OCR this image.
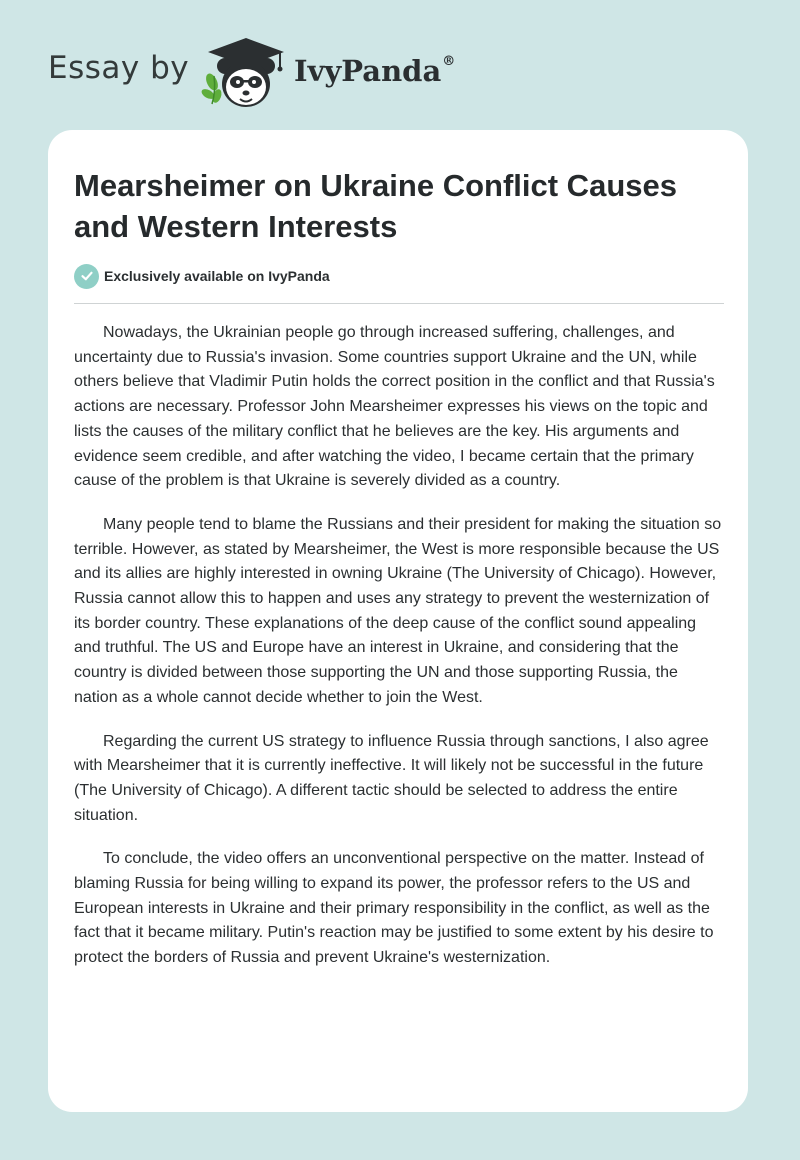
Essay by	IvyPanda®
Mearsheimer on Ukraine Conflict Causes and Western Interests
Exclusively available on IvyPanda

Nowadays, the Ukrainian people go through increased suffering, challenges, and uncertainty due to Russia's invasion. Some countries support Ukraine and the UN, while others believe that Vladimir Putin holds the correct position in the conflict and that Russia's actions are necessary. Professor John Mearsheimer expresses his views on the topic and lists the causes of the military conflict that he believes are the key. His arguments and evidence seem credible, and after watching the video, I became certain that the primary cause of the problem is that Ukraine is severely divided as a country.

Many people tend to blame the Russians and their president for making the situation so terrible. However, as stated by Mearsheimer, the West is more responsible because the US and its allies are highly interested in owning Ukraine (The University of Chicago). However, Russia cannot allow this to happen and uses any strategy to prevent the westernization of its border country. These explanations of the deep cause of the conflict sound appealing and truthful. The US and Europe have an interest in Ukraine, and considering that the country is divided between those supporting the UN and those supporting Russia, the nation as a whole cannot decide whether to join the West.

Regarding the current US strategy to influence Russia through sanctions, I also agree with Mearsheimer that it is currently ineffective. It will likely not be successful in the future (The University of Chicago). A different tactic should be selected to address the entire situation.

To conclude, the video offers an unconventional perspective on the matter. Instead of blaming Russia for being willing to expand its power, the professor refers to the US and European interests in Ukraine and their primary responsibility in the conflict, as well as the fact that it became military. Putin's reaction may be justified to some extent by his desire to protect the borders of Russia and prevent Ukraine's westernization.
